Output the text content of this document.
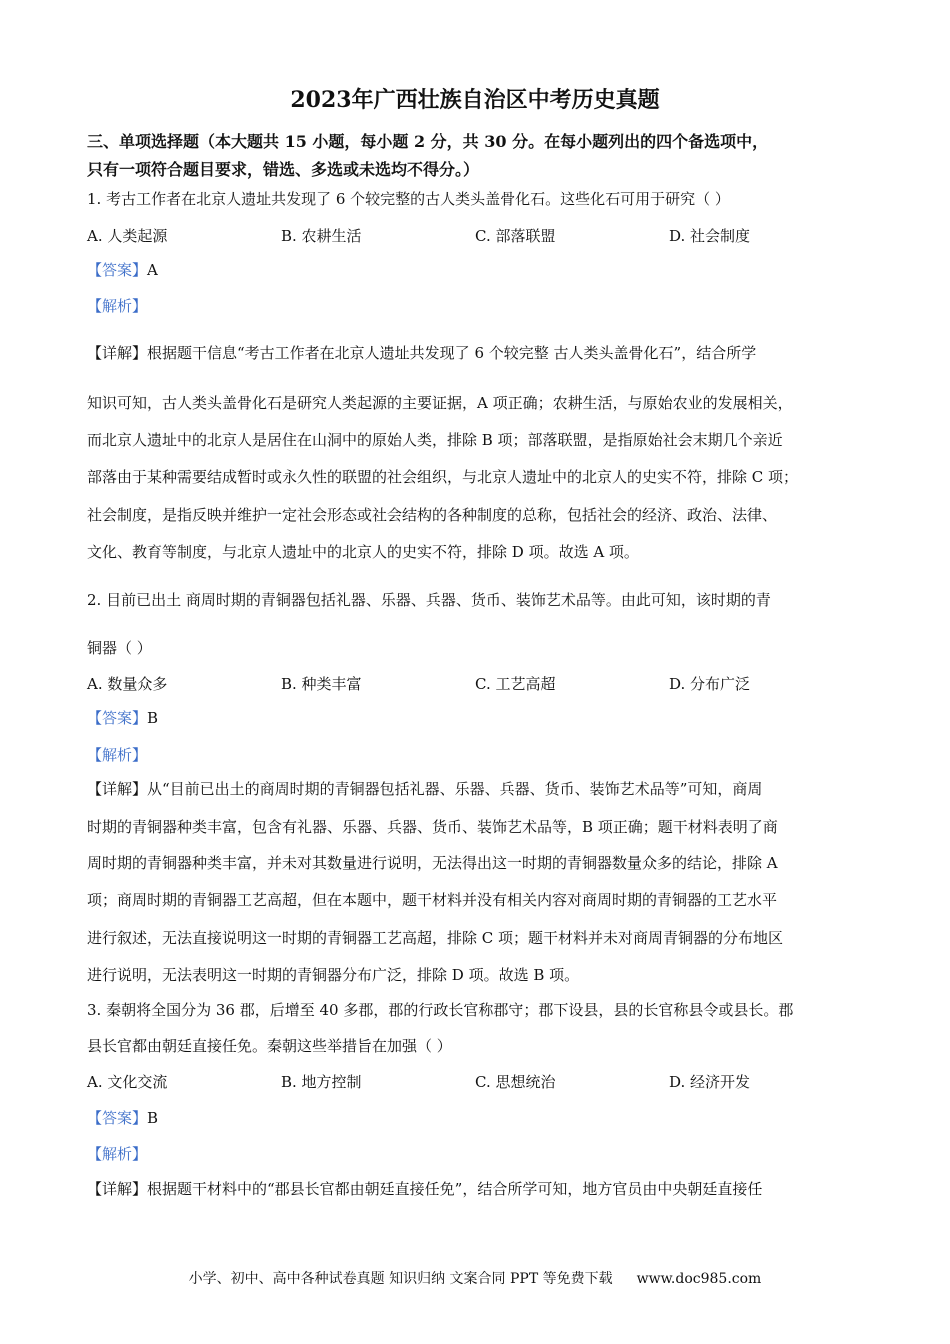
2023年广西壮族自治区中考历史真题
三、单项选择题（本大题共 15 小题，每小题 2 分，共 30 分。在每小题列出的四个备选项中，
只有一项符合题目要求，错选、多选或未选均不得分。）
1. 考古工作者在北京人遗址共发现了 6 个较完整的古人类头盖骨化石。这些化石可用于研究（ ）
A. 人类起源	B. 农耕生活	C. 部落联盟	D. 社会制度
【答案】A
【解析】
【详解】根据题干信息“考古工作者在北京人遗址共发现了 6 个较完整 古人类头盖骨化石”，结合所学
知识可知，古人类头盖骨化石是研究人类起源的主要证据，A 项正确；农耕生活，与原始农业的发展相关，
而北京人遗址中的北京人是居住在山洞中的原始人类，排除 B 项；部落联盟，是指原始社会末期几个亲近
部落由于某种需要结成暂时或永久性的联盟的社会组织，与北京人遗址中的北京人的史实不符，排除 C 项；
社会制度，是指反映并维护一定社会形态或社会结构的各种制度的总称，包括社会的经济、政治、法律、
文化、教育等制度，与北京人遗址中的北京人的史实不符，排除 D 项。故选 A 项。
2. 目前已出土 商周时期的青铜器包括礼器、乐器、兵器、货币、装饰艺术品等。由此可知，该时期的青
铜器（ ）
A. 数量众多	B. 种类丰富	C. 工艺高超	D. 分布广泛
【答案】B
【解析】
【详解】从“目前已出土的商周时期的青铜器包括礼器、乐器、兵器、货币、装饰艺术品等”可知，商周
时期的青铜器种类丰富，包含有礼器、乐器、兵器、货币、装饰艺术品等，B 项正确；题干材料表明了商
周时期的青铜器种类丰富，并未对其数量进行说明，无法得出这一时期的青铜器数量众多的结论，排除 A
项；商周时期的青铜器工艺高超，但在本题中，题干材料并没有相关内容对商周时期的青铜器的工艺水平
进行叙述，无法直接说明这一时期的青铜器工艺高超，排除 C 项；题干材料并未对商周青铜器的分布地区
进行说明，无法表明这一时期的青铜器分布广泛，排除 D 项。故选 B 项。
3. 秦朝将全国分为 36 郡，后增至 40 多郡，郡的行政长官称郡守；郡下设县，县的长官称县令或县长。郡
县长官都由朝廷直接任免。秦朝这些举措旨在加强（ ）
A. 文化交流	B. 地方控制	C. 思想统治	D. 经济开发
【答案】B
【解析】
【详解】根据题干材料中的“郡县长官都由朝廷直接任免”，结合所学可知，地方官员由中央朝廷直接任
小学、初中、高中各种试卷真题 知识归纳 文案合同 PPT 等免费下载 www.doc985.com
